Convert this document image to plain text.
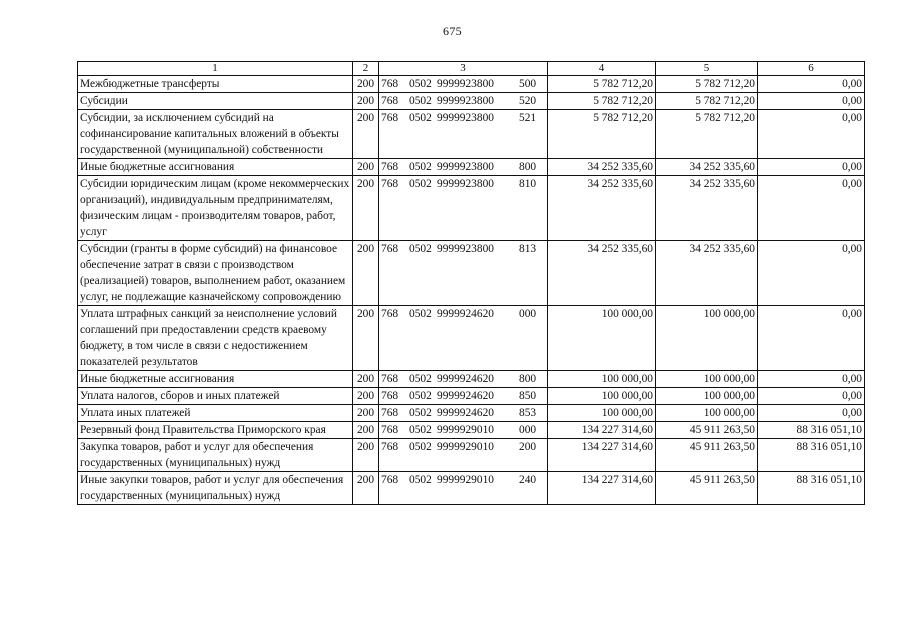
675
1	2	3	4	5	6
Межбюджетные трансферты	200	768 0502 9999923800 500	5 782 712,20	5 782 712,20	0,00
Субсидии	200	768 0502 9999923800 520	5 782 712,20	5 782 712,20	0,00
Субсидии, за исключением субсидий на софинансирование капитальных вложений в объекты государственной (муниципальной) собственности	200	768 0502 9999923800 521	5 782 712,20	5 782 712,20	0,00
Иные бюджетные ассигнования	200	768 0502 9999923800 800	34 252 335,60	34 252 335,60	0,00
Субсидии юридическим лицам (кроме некоммерческих организаций), индивидуальным предпринимателям, физическим лицам - производителям товаров, работ, услуг	200	768 0502 9999923800 810	34 252 335,60	34 252 335,60	0,00
Субсидии (гранты в форме субсидий) на финансовое обеспечение затрат в связи с производством (реализацией) товаров, выполнением работ, оказанием услуг, не подлежащие казначейскому сопровождению	200	768 0502 9999923800 813	34 252 335,60	34 252 335,60	0,00
Уплата штрафных санкций за неисполнение условий соглашений при предоставлении средств краевому бюджету, в том числе в связи с недостижением показателей результатов	200	768 0502 9999924620 000	100 000,00	100 000,00	0,00
Иные бюджетные ассигнования	200	768 0502 9999924620 800	100 000,00	100 000,00	0,00
Уплата налогов, сборов и иных платежей	200	768 0502 9999924620 850	100 000,00	100 000,00	0,00
Уплата иных платежей	200	768 0502 9999924620 853	100 000,00	100 000,00	0,00
Резервный фонд Правительства Приморского края	200	768 0502 9999929010 000	134 227 314,60	45 911 263,50	88 316 051,10
Закупка товаров, работ и услуг для обеспечения государственных (муниципальных) нужд	200	768 0502 9999929010 200	134 227 314,60	45 911 263,50	88 316 051,10
Иные закупки товаров, работ и услуг для обеспечения государственных (муниципальных) нужд	200	768 0502 9999929010 240	134 227 314,60	45 911 263,50	88 316 051,10
